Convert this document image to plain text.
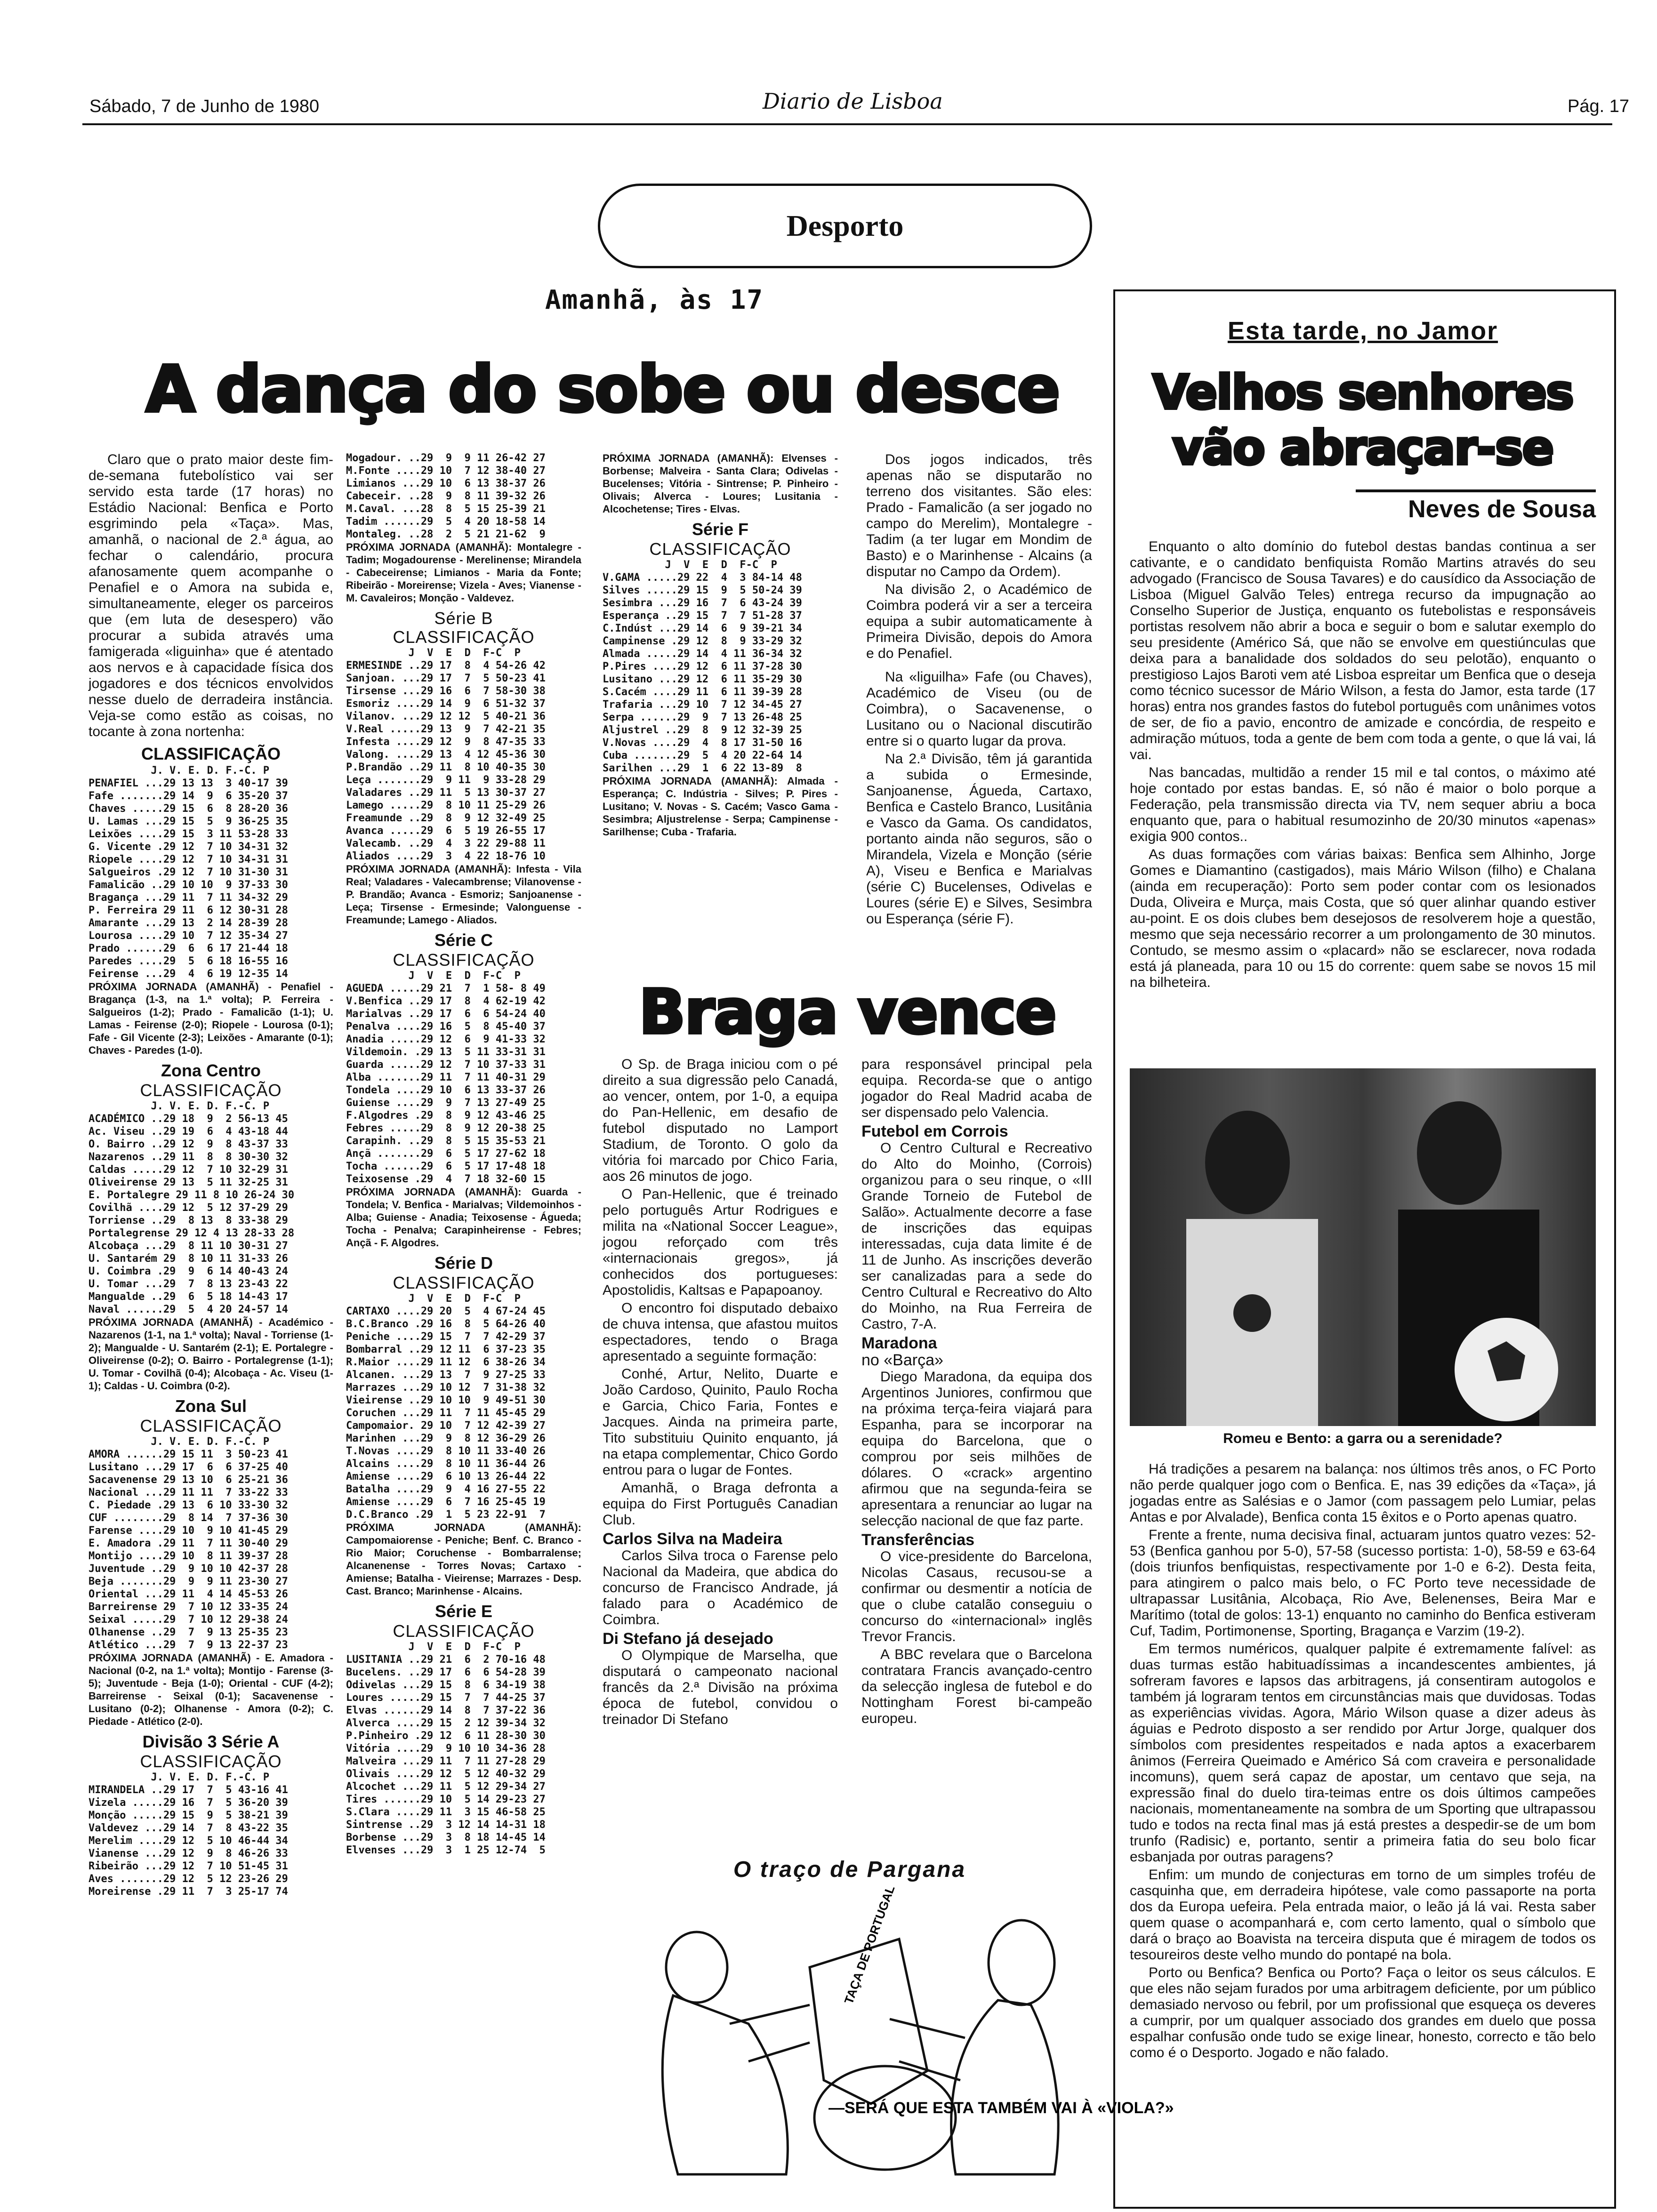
Sábado, 7 de Junho de 1980	Diario de Lisboa	Pág. 17
Desporto
Amanhã, às 17
A dança do sobe ou desce

Claro que o prato maior deste fim-de-semana futebolístico vai ser servido esta tarde (17 horas) no Estádio Nacional: Benfica e Porto esgrimindo pela «Taça». Mas, amanhã, o nacional de 2.ª água, ao fechar o calendário, procura afanosamente quem acompanhe o Penafiel e o Amora na subida e, simultaneamente, eleger os parceiros que (em luta de desespero) vão procurar a subida através uma famigerada «liguinha» que é atentado aos nervos e à capacidade física dos jogadores e dos técnicos envolvidos nesse duelo de derradeira instância. Veja-se como estão as coisas, no tocante à zona nortenha:

CLASSIFICAÇÃO
J. V. E. D. F.-C. P
PENAFIEL ...29 13 13  3 40-17 39
Fafe .......29 14  9  6 35-20 37
Chaves .....29 15  6  8 28-20 36
U. Lamas ...29 15  5  9 36-25 35
Leixões ....29 15  3 11 53-28 33
G. Vicente .29 12  7 10 34-31 32
Riopele ....29 12  7 10 34-31 31
Salgueiros .29 12  7 10 31-30 31
Famalicão ..29 10 10  9 37-33 30
Bragança ...29 11  7 11 34-32 29
P. Ferreira 29 11  6 12 30-31 28
Amarante ...29 13  2 14 28-39 28
Lourosa ....29 10  7 12 35-34 27
Prado ......29  6  6 17 21-44 18
Paredes ....29  5  6 18 16-55 16
Feirense ...29  4  6 19 12-35 14
PRÓXIMA JORNADA (AMANHÃ) - Penafiel - Bragança (1-3, na 1.ª volta); P. Ferreira - Salgueiros (1-2); Prado - Famalicão (1-1); U. Lamas - Feirense (2-0); Riopele - Lourosa (0-1); Fafe - Gil Vicente (2-3); Leixões - Amarante (0-1); Chaves - Paredes (1-0).
Zona Centro
CLASSIFICAÇÃO
J. V. E. D. F.-C. P
ACADÉMICO ..29 18  9  2 56-13 45
Ac. Viseu ..29 19  6  4 43-18 44
O. Bairro ..29 12  9  8 43-37 33
Nazarenos ..29 11  8  8 30-30 32
Caldas .....29 12  7 10 32-29 31
Oliveirense 29 13  5 11 32-25 31
E. Portalegre 29 11 8 10 26-24 30
Covilhã ....29 12  5 12 37-29 29
Torriense ..29  8 13  8 33-38 29
Portalegrense 29 12 4 13 28-33 28
Alcobaça ...29  8 11 10 30-31 27
U. Santarém 29  8 10 11 31-33 26
U. Coimbra .29  9  6 14 40-43 24
U. Tomar ...29  7  8 13 23-43 22
Mangualde ..29  6  5 18 14-43 17
Naval ......29  5  4 20 24-57 14
PRÓXIMA JORNADA (AMANHÃ) - Académico - Nazarenos (1-1, na 1.ª volta); Naval - Torriense (1-2); Mangualde - U. Santarém (2-1); E. Portalegre - Oliveirense (0-2); O. Bairro - Portalegrense (1-1); U. Tomar - Covilhã (0-4); Alcobaça - Ac. Viseu (1-1); Caldas - U. Coimbra (0-2).
Zona Sul
CLASSIFICAÇÃO
J. V. E. D. F.-C. P
AMORA ......29 15 11  3 50-23 41
Lusitano ...29 17  6  6 37-25 40
Sacavenense 29 13 10  6 25-21 36
Nacional ...29 11 11  7 33-22 33
C. Piedade .29 13  6 10 33-30 32
CUF ........29  8 14  7 37-36 30
Farense ....29 10  9 10 41-45 29
E. Amadora .29 11  7 11 30-40 29
Montijo ....29 10  8 11 39-37 28
Juventude ..29  9 10 10 42-37 28
Beja .......29  9  9 11 23-30 27
Oriental ...29 11  4 14 45-53 26
Barreirense 29  7 10 12 33-35 24
Seixal .....29  7 10 12 29-38 24
Olhanense ..29  7  9 13 25-35 23
Atlético ...29  7  9 13 22-37 23
PRÓXIMA JORNADA (AMANHÃ) - E. Amadora - Nacional (0-2, na 1.ª volta); Montijo - Farense (3-5); Juventude - Beja (1-0); Oriental - CUF (4-2); Barreirense - Seixal (0-1); Sacavenense - Lusitano (0-2); Olhanense - Amora (0-2); C. Piedade - Atlético (2-0).
Divisão 3 Série A
CLASSIFICAÇÃO
J. V. E. D. F.-C. P
MIRANDELA ..29 17  7  5 43-16 41
Vizela .....29 16  7  5 36-20 39
Monção .....29 15  9  5 38-21 39
Valdevez ...29 14  7  8 43-22 35
Merelim ....29 12  5 10 46-44 34
Vianense ...29 12  9  8 46-26 33
Ribeirão ...29 12  7 10 51-45 31
Aves .......29 12  5 12 23-26 29
Moreirense .29 11  7  3 25-17 74
Mogadour. ..29  9  9 11 26-42 27
M.Fonte ....29 10  7 12 38-40 27
Limianos ...29 10  6 13 38-37 26
Cabeceir. ..28  9  8 11 39-32 26
M.Caval. ...28  8  5 15 25-39 21
Tadim ......29  5  4 20 18-58 14
Montaleg. ..28  2  5 21 21-62  9
PRÓXIMA JORNADA (AMANHÃ): Montalegre - Tadim; Mogadourense - Merelinense; Mirandela - Cabeceirense; Limianos - Maria da Fonte; Ribeirão - Moreirense; Vizela - Aves; Vianense - M. Cavaleiros; Monção - Valdevez.
Série B
CLASSIFICAÇÃO
J  V  E  D  F-C  P
ERMESINDE ..29 17  8  4 54-26 42
Sanjoan. ...29 17  7  5 50-23 41
Tirsense ...29 16  6  7 58-30 38
Esmoriz ....29 14  9  6 51-32 37
Vilanov. ...29 12 12  5 40-21 36
V.Real .....29 13  9  7 42-21 35
Infesta ....29 12  9  8 47-35 33
Valong. ....29 13  4 12 45-36 30
P.Brandão ..29 11  8 10 40-35 30
Leça .......29  9 11  9 33-28 29
Valadares ..29 11  5 13 30-37 27
Lamego .....29  8 10 11 25-29 26
Freamunde ..29  8  9 12 32-49 25
Avanca .....29  6  5 19 26-55 17
Valecamb. ..29  4  3 22 29-88 11
Aliados ....29  3  4 22 18-76 10
PRÓXIMA JORNADA (AMANHÃ): Infesta - Vila Real; Valadares - Valecambrense; Vilanovense - P. Brandão; Avanca - Esmoriz; Sanjoanense - Leça; Tirsense - Ermesinde; Valonguense - Freamunde; Lamego - Aliados.
Série C
CLASSIFICAÇÃO
J  V  E  D  F-C  P
AGUEDA .....29 21  7  1 58- 8 49
V.Benfica ..29 17  8  4 62-19 42
Marialvas ..29 17  6  6 54-24 40
Penalva ....29 16  5  8 45-40 37
Anadia .....29 12  6  9 41-33 32
Vildemoin. .29 13  5 11 33-31 31
Guarda .....29 12  7 10 37-33 31
Alba .......29 11  7 11 40-31 29
Tondela ....29 10  6 13 33-37 26
Guiense ....29  9  7 13 27-49 25
F.Algodres .29  8  9 12 43-46 25
Febres .....29  8  9 12 20-38 25
Carapinh. ..29  8  5 15 35-53 21
Ançã .......29  6  5 17 27-62 18
Tocha ......29  6  5 17 17-48 18
Teixosense .29  4  7 18 32-60 15
PRÓXIMA JORNADA (AMANHÃ): Guarda - Tondela; V. Benfica - Marialvas; Vildemoinhos - Alba; Guiense - Anadia; Teixosense - Águeda; Tocha - Penalva; Carapinheirense - Febres; Ançã - F. Algodres.
Série D
CLASSIFICAÇÃO
J  V  E  D  F-C  P
CARTAXO ....29 20  5  4 67-24 45
B.C.Branco .29 16  8  5 64-26 40
Peniche ....29 15  7  7 42-29 37
Bombarral ..29 12 11  6 37-23 35
R.Maior ....29 11 12  6 38-26 34
Alcanen. ...29 13  7  9 27-25 33
Marrazes ...29 10 12  7 31-38 32
Vieirense ..29 10 10  9 49-51 30
Coruchen ...29 11  7 11 45-45 29
Campomaior. 29 10  7 12 42-39 27
Marinhen ...29  9  8 12 36-29 26
T.Novas ....29  8 10 11 33-40 26
Alcains ....29  8 10 11 36-44 26
Amiense ....29  6 10 13 26-44 22
Batalha ....29  9  4 16 27-55 22
Amiense ....29  6  7 16 25-45 19
D.C.Branco .29  1  5 23 22-91  7
PRÓXIMA JORNADA (AMANHÃ): Campomaiorense - Peniche; Benf. C. Branco - Rio Maior; Coruchense - Bombarralense; Alcanenense - Torres Novas; Cartaxo - Amiense; Batalha - Vieirense; Marrazes - Desp. Cast. Branco; Marinhense - Alcains.
Série E
CLASSIFICAÇÃO
J  V  E  D  F-C  P
LUSITANIA ..29 21  6  2 70-16 48
Bucelens. ..29 17  6  6 54-28 39
Odivelas ...29 15  8  6 34-19 38
Loures .....29 15  7  7 44-25 37
Elvas ......29 14  8  7 37-22 36
Alverca ....29 15  2 12 39-34 32
P.Pinheiro .29 12  6 11 28-30 30
Vitória ....29  9 10 10 34-36 28
Malveira ...29 11  7 11 27-28 29
Olivais ....29 12  5 12 40-32 29
Alcochet ...29 11  5 12 29-34 27
Tires ......29 10  5 14 29-23 27
S.Clara ....29 11  3 15 46-58 25
Sintrense ..29  3 12 14 14-31 18
Borbense ...29  3  8 18 14-45 14
Elvenses ...29  3  1 25 12-74  5
PRÓXIMA JORNADA (AMANHÃ): Elvenses - Borbense; Malveira - Santa Clara; Odivelas - Bucelenses; Vitória - Sintrense; P. Pinheiro - Olivais; Alverca - Loures; Lusitania - Alcochetense; Tires - Elvas.
Série F
CLASSIFICAÇÃO
J  V  E  D  F-C  P
V.GAMA .....29 22  4  3 84-14 48
Silves .....29 15  9  5 50-24 39
Sesimbra ...29 16  7  6 43-24 39
Esperança ..29 15  7  7 51-28 37
C.Indúst ...29 14  6  9 39-21 34
Campinense .29 12  8  9 33-29 32
Almada .....29 14  4 11 36-34 32
P.Pires ....29 12  6 11 37-28 30
Lusitano ...29 12  6 11 35-29 30
S.Cacém ....29 11  6 11 39-39 28
Trafaria ...29 10  7 12 34-45 27
Serpa ......29  9  7 13 26-48 25
Aljustrel ..29  8  9 12 32-39 25
V.Novas ....29  4  8 17 31-50 16
Cuba .......29  5  4 20 22-64 14
Sarilhen ...29  1  6 22 13-89  8
PRÓXIMA JORNADA (AMANHÃ): Almada - Esperança; C. Indústria - Silves; P. Pires - Lusitano; V. Novas - S. Cacém; Vasco Gama - Sesimbra; Aljustrelense - Serpa; Campinense - Sarilhense; Cuba - Trafaria.

Dos jogos indicados, três apenas não se disputarão no terreno dos visitantes. São eles: Prado - Famalicão (a ser jogado no campo do Merelim), Montalegre - Tadim (a ter lugar em Mondim de Basto) e o Marinhense - Alcains (a disputar no Campo da Ordem).

Na divisão 2, o Académico de Coimbra poderá vir a ser a terceira equipa a subir automaticamente à Primeira Divisão, depois do Amora e do Penafiel.

Na «liguilha» Fafe (ou Chaves), Académico de Viseu (ou de Coimbra), o Sacavenense, o Lusitano ou o Nacional discutirão entre si o quarto lugar da prova.

Na 2.ª Divisão, têm já garantida a subida o Ermesinde, Sanjoanense, Águeda, Cartaxo, Benfica e Castelo Branco, Lusitânia e Vasco da Gama. Os candidatos, portanto ainda não seguros, são o Mirandela, Vizela e Monção (série A), Viseu e Benfica e Marialvas (série C) Bucelenses, Odivelas e Loures (série E) e Silves, Sesimbra ou Esperança (série F).

Braga vence

O Sp. de Braga iniciou com o pé direito a sua digressão pelo Canadá, ao vencer, ontem, por 1-0, a equipa do Pan-Hellenic, em desafio de futebol disputado no Lamport Stadium, de Toronto. O golo da vitória foi marcado por Chico Faria, aos 26 minutos de jogo.

O Pan-Hellenic, que é treinado pelo português Artur Rodrigues e milita na «National Soccer League», jogou reforçado com três «internacionais gregos», já conhecidos dos portugueses: Apostolidis, Kaltsas e Papapoanoy.

O encontro foi disputado debaixo de chuva intensa, que afastou muitos espectadores, tendo o Braga apresentado a seguinte formação:

Conhé, Artur, Nelito, Duarte e João Cardoso, Quinito, Paulo Rocha e Garcia, Chico Faria, Fontes e Jacques. Ainda na primeira parte, Tito substituiu Quinito enquanto, já na etapa complementar, Chico Gordo entrou para o lugar de Fontes.

Amanhã, o Braga defronta a equipa do First Português Canadian Club.

Carlos Silva na Madeira

Carlos Silva troca o Farense pelo Nacional da Madeira, que abdica do concurso de Francisco Andrade, já falado para o Académico de Coimbra.

Di Stefano já desejado

O Olympique de Marselha, que disputará o campeonato nacional francês da 2.ª Divisão na próxima época de futebol, convidou o treinador Di Stefano

para responsável principal pela equipa. Recorda-se que o antigo jogador do Real Madrid acaba de ser dispensado pelo Valencia.

Futebol em Corrois

O Centro Cultural e Recreativo do Alto do Moinho, (Corrois) organizou para o seu rinque, o «III Grande Torneio de Futebol de Salão». Actualmente decorre a fase de inscrições das equipas interessadas, cuja data limite é de 11 de Junho. As inscrições deverão ser canalizadas para a sede do Centro Cultural e Recreativo do Alto do Moinho, na Rua Ferreira de Castro, 7-A.

Maradona
no «Barça»

Diego Maradona, da equipa dos Argentinos Juniores, confirmou que na próxima terça-feira viajará para Espanha, para se incorporar na equipa do Barcelona, que o comprou por seis milhões de dólares. O «crack» argentino afirmou que na segunda-feira se apresentara a renunciar ao lugar na selecção nacional de que faz parte.

Transferências

O vice-presidente do Barcelona, Nicolas Casaus, recusou-se a confirmar ou desmentir a notícia de que o clube catalão conseguiu o concurso do «internacional» inglês Trevor Francis.

A BBC revelara que o Barcelona contratara Francis avançado-centro da selecção inglesa de futebol e do Nottingham Forest bi-campeão europeu.

O traço de Pargana
TAÇA DE PORTUGAL
—SERÁ QUE ESTA TAMBÉM VAI À «VIOLA?»
Esta tarde, no Jamor
Velhos senhores vão abraçar-se
Neves de Sousa

Enquanto o alto domínio do futebol destas bandas continua a ser cativante, e o candidato benfiquista Romão Martins através do seu advogado (Francisco de Sousa Tavares) e do causídico da Associação de Lisboa (Miguel Galvão Teles) entrega recurso da impugnação ao Conselho Superior de Justiça, enquanto os futebolistas e responsáveis portistas resolvem não abrir a boca e seguir o bom e salutar exemplo do seu presidente (Américo Sá, que não se envolve em questiúnculas que deixa para a banalidade dos soldados do seu pelotão), enquanto o prestigioso Lajos Baroti vem até Lisboa espreitar um Benfica que o deseja como técnico sucessor de Mário Wilson, a festa do Jamor, esta tarde (17 horas) entra nos grandes fastos do futebol português com unânimes votos de ser, de fio a pavio, encontro de amizade e concórdia, de respeito e admiração mútuos, toda a gente de bem com toda a gente, o que lá vai, lá vai.

Nas bancadas, multidão a render 15 mil e tal contos, o máximo até hoje contado por estas bandas. E, só não é maior o bolo porque a Federação, pela transmissão directa via TV, nem sequer abriu a boca enquanto que, para o habitual resumozinho de 20/30 minutos «apenas» exigia 900 contos..

As duas formações com várias baixas: Benfica sem Alhinho, Jorge Gomes e Diamantino (castigados), mais Mário Wilson (filho) e Chalana (ainda em recuperação): Porto sem poder contar com os lesionados Duda, Oliveira e Murça, mais Costa, que só quer alinhar quando estiver au-point. E os dois clubes bem desejosos de resolverem hoje a questão, mesmo que seja necessário recorrer a um prolongamento de 30 minutos. Contudo, se mesmo assim o «placard» não se esclarecer, nova rodada está já planeada, para 10 ou 15 do corrente: quem sabe se novos 15 mil na bilheteira.

Romeu e Bento: a garra ou a serenidade?

Há tradições a pesarem na balança: nos últimos três anos, o FC Porto não perde qualquer jogo com o Benfica. E, nas 39 edições da «Taça», já jogadas entre as Salésias e o Jamor (com passagem pelo Lumiar, pelas Antas e por Alvalade), Benfica conta 15 êxitos e o Porto apenas quatro.

Frente a frente, numa decisiva final, actuaram juntos quatro vezes: 52-53 (Benfica ganhou por 5-0), 57-58 (sucesso portista: 1-0), 58-59 e 63-64 (dois triunfos benfiquistas, respectivamente por 1-0 e 6-2). Desta feita, para atingirem o palco mais belo, o FC Porto teve necessidade de ultrapassar Lusitânia, Alcobaça, Rio Ave, Belenenses, Beira Mar e Marítimo (total de golos: 13-1) enquanto no caminho do Benfica estiveram Cuf, Tadim, Portimonense, Sporting, Bragança e Varzim (19-2).

Em termos numéricos, qualquer palpite é extremamente falível: as duas turmas estão habituadíssimas a incandescentes ambientes, já sofreram favores e lapsos das arbitragens, já consentiram autogolos e também já lograram tentos em circunstâncias mais que duvidosas. Todas as experiências vividas. Agora, Mário Wilson quase a dizer adeus às águias e Pedroto disposto a ser rendido por Artur Jorge, qualquer dos símbolos com presidentes respeitados e nada aptos a exacerbarem ânimos (Ferreira Queimado e Américo Sá com craveira e personalidade incomuns), quem será capaz de apostar, um centavo que seja, na expressão final do duelo tira-teimas entre os dois últimos campeões nacionais, momentaneamente na sombra de um Sporting que ultrapassou tudo e todos na recta final mas já está prestes a despedir-se de um bom trunfo (Radisic) e, portanto, sentir a primeira fatia do seu bolo ficar esbanjada por outras paragens?

Enfim: um mundo de conjecturas em torno de um simples troféu de casquinha que, em derradeira hipótese, vale como passaporte na porta dos da Europa uefeira. Pela entrada maior, o leão já lá vai. Resta saber quem quase o acompanhará e, com certo lamento, qual o símbolo que dará o braço ao Boavista na terceira disputa que é miragem de todos os tesoureiros deste velho mundo do pontapé na bola.

Porto ou Benfica? Benfica ou Porto? Faça o leitor os seus cálculos. E que eles não sejam furados por uma arbitragem deficiente, por um público demasiado nervoso ou febril, por um profissional que esqueça os deveres a cumprir, por um qualquer associado dos grandes em duelo que possa espalhar confusão onde tudo se exige linear, honesto, correcto e tão belo como é o Desporto. Jogado e não falado.
